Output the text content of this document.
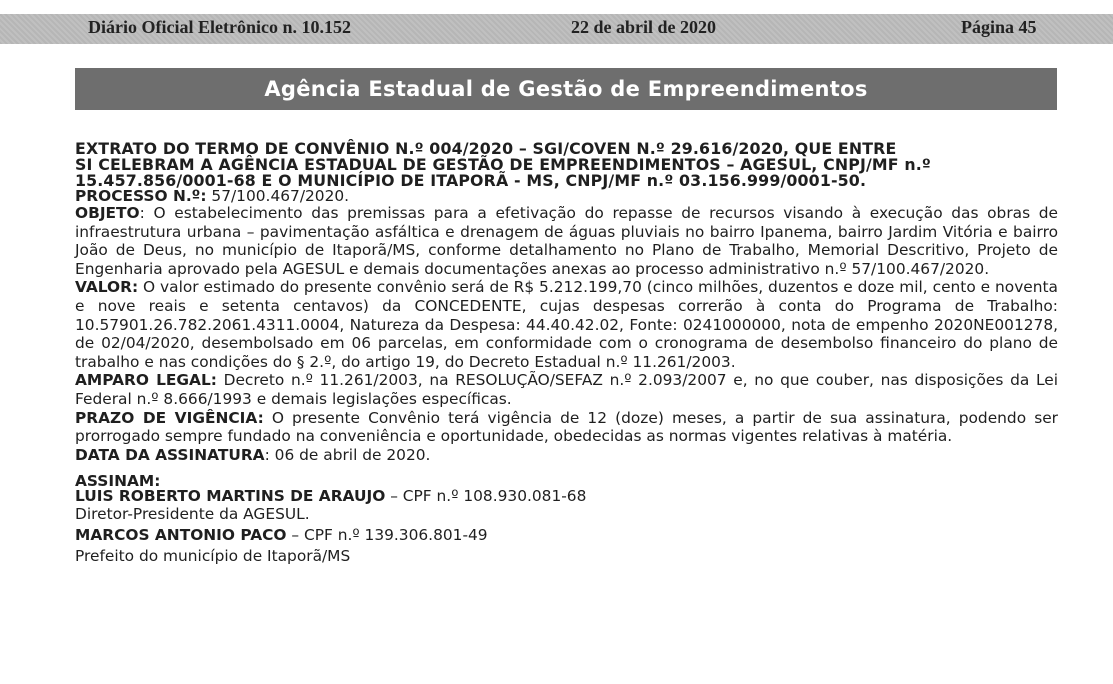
Diário Oficial Eletrônico n. 10.152	22 de abril de 2020	Página 45
Agência Estadual de Gestão de Empreendimentos
EXTRATO DO TERMO DE CONVÊNIO N.º 004/2020 – SGI/COVEN N.º 29.616/2020, QUE ENTRE
SI CELEBRAM A AGÊNCIA ESTADUAL DE GESTÃO DE EMPREENDIMENTOS – AGESUL, CNPJ/MF n.º
15.457.856/0001-68 E O MUNICÍPIO DE ITAPORÃ - MS, CNPJ/MF n.º 03.156.999/0001-50.
PROCESSO N.º: 57/100.467/2020.

OBJETO: O estabelecimento das premissas para a efetivação do repasse de recursos visando à execução das obras de infraestrutura urbana – pavimentação asfáltica e drenagem de águas pluviais no bairro Ipanema, bairro Jardim Vitória e bairro João de Deus, no município de Itaporã/MS, conforme detalhamento no Plano de Trabalho, Memorial Descritivo, Projeto de Engenharia aprovado pela AGESUL e demais documentações anexas ao processo administrativo n.º 57/100.467/2020.

VALOR: O valor estimado do presente convênio será de R$ 5.212.199,70 (cinco milhões, duzentos e doze mil, cento e noventa e nove reais e setenta centavos) da CONCEDENTE, cujas despesas correrão à conta do Programa de Trabalho: 10.57901.26.782.2061.4311.0004, Natureza da Despesa: 44.40.42.02, Fonte: 0241000000, nota de empenho 2020NE001278, de 02/04/2020, desembolsado em 06 parcelas, em conformidade com o cronograma de desembolso financeiro do plano de trabalho e nas condições do § 2.º, do artigo 19, do Decreto Estadual n.º 11.261/2003.

AMPARO LEGAL: Decreto n.º 11.261/2003, na RESOLUÇÃO/SEFAZ n.º 2.093/2007 e, no que couber, nas disposições da Lei Federal n.º 8.666/1993 e demais legislações específicas.

PRAZO DE VIGÊNCIA: O presente Convênio terá vigência de 12 (doze) meses, a partir de sua assinatura, podendo ser prorrogado sempre fundado na conveniência e oportunidade, obedecidas as normas vigentes relativas à matéria.

DATA DA ASSINATURA: 06 de abril de 2020.

ASSINAM:
LUIS ROBERTO MARTINS DE ARAUJO – CPF n.º 108.930.081-68
Diretor-Presidente da AGESUL.
MARCOS ANTONIO PACO – CPF n.º 139.306.801-49
Prefeito do município de Itaporã/MS
